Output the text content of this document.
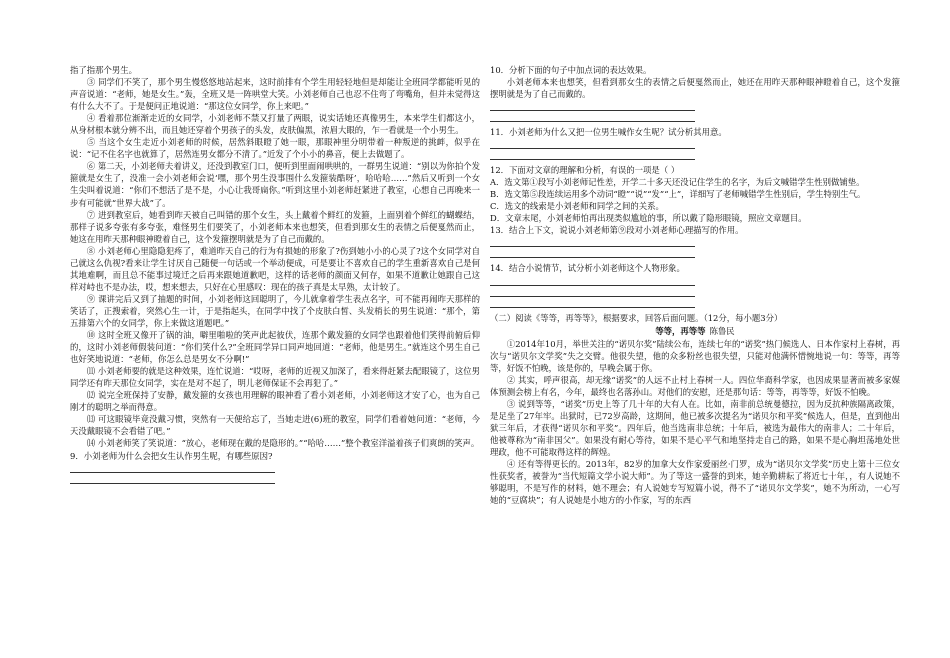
指了指那个男生。

③ 同学们不笑了，那个男生慢悠悠地站起来，这时前排有个学生用轻轻地但是却能让全班同学都能听见的声音说道：“老师，她是女生。”轰，全班又是一阵哄堂大笑。小刘老师自己也忍不住弯了弯嘴角，但并未觉得这有什么大不了。于是便问正地说道：“那这位女同学，你上来吧。”

④ 看着那位渐渐走近的女同学，小刘老师不禁又打量了两眼，说实话她还真像男生，本来学生们都这小，从身材根本就分辨不出，而且她还穿着个男孩子的头发，皮肤偏黑，浓眉大眼的，乍一看就是一个小男生。

⑤ 当这个女生走近小刘老师的时候，居然斜眼瞪了她一眼，那眼神里分明带着一种叛逆的挑衅，似乎在说：“记不住名字也就算了，居然连男女都分不清了。”近发了个小小的鼻音，便上去做题了。

⑥ 第二天，小刘老师夫着讲义，还没到教室门口，便听到里面闹哄哄的，一群男生说道：“别以为你拍个发箍就是女生了，没准一会小刘老师会说‘嘿，那个男生没事围什么发箍装酷呀’，哈哈哈……”然后又听到一个女生尖叫着说道：“你们不想活了是不是，小心让我哥扁你。”听到这里小刘老师赶紧进了教室，心想自己再晚来一步有可能就“世界大战”了。

⑦ 进到教室后，她看到昨天被自己叫错的那个女生，头上戴着个鲜红的发箍，上面别着个鲜红的蝴蝶结，那样子说多夸张有多夸张，难怪男生们要笑了，小刘老师本来也想笑，但看到那女生的表情之后便戛然而止，她这在用昨天那种眼神瞪着自己，这个发箍摆明就是为了自己而戴的。

⑧ 小刘老师心里隐隐犯疼了，难道昨天自己的行为有损她的形象了?伤到她小小的心灵了?这个女同学对自己就这么仇视?看来让学生讨厌自己随便一句话或一个举动便成，可是要让不喜欢自己的学生重新喜欢自己是何其地难啊，而且总不能事过境迁之后再来跟她道歉吧，这样的话老师的颜面又何存，如果不道歉让她跟自己这样对峙也不是办法，哎，想来想去，只好在心里感叹：现在的孩子真是太早熟，太计较了。

⑨ 课讲完后又到了抽题的时间，小刘老师这回聪明了，今儿就拿着学生表点名字，可不能再闹昨天那样的笑话了，正搜索着，突然心生一计，于是指起头，在同学中找了个皮肤白皙、头发梢长的男生说道：“那个，第五排第六个的女同学，你上来做这道题吧。”

⑩ 这时全班又像开了锅的油，噼里啪啦的笑声此起彼伏，连那个戴发箍的女同学也跟着他们笑得前俯后仰的，这时小刘老师假装问道：“你们笑什么?”全班同学异口同声地回道：“老师，他是男生。”就连这个男生自己也好笑地说道：“老师，你怎么总是男女不分啊!”

⑾ 小刘老师要的就是这种效果，连忙说道：“哎呀，老师的近视又加深了，看来得赶紧去配眼镜了，这位男同学还有昨天那位女同学，实在是对不起了，明儿老师保证不会再犯了。”

⑿ 说完全班保持了安静，戴发箍的女孩也用理解的眼神看了看小刘老师，小刘老师这才安了心，也为自己刚才的聪明之举而得意。

⒀ 可这眼镜毕竟没戴习惯，突然有一天便给忘了，当她走进(6)班的教室，同学们看着她问道：“老师，今天没戴眼镜不会看错了吧。”

⒁ 小刘老师笑了笑说道：“放心，老师现在戴的是隐形的。”“哈哈……”整个教室洋溢着孩子们爽朗的笑声。

9．小刘老师为什么会把女生认作男生呢，有哪些原因?

10．分析下面的句子中加点词的表达效果。

小刘老师本来也想笑，但看到那女生的表情之后便戛然而止，她还在用昨天那种眼神瞪着自己，这个发箍摆明就是为了自己而戴的。

11．小刘老师为什么又把一位男生喊作女生呢？试分析其用意。

12．下面对文章的理解和分析，有误的一项是（ ）

A．选文第①段写小刘老师记性差，开学二十多天还没记住学生的名字，为后文喊错学生性别做铺垫。

B．选文第⑤段连续运用多个动词“瞪”“说”“发”“上”，详细写了老师喊错学生性别后，学生特别生气。

C．选文的线索是小刘老师和同学之间的关系。

D．文章末尾，小刘老师怕再出现类似尴尬的事，所以戴了隐形眼镜，照应文章题目。

13．结合上下文，说说小刘老师第⑨段对小刘老师心理描写的作用。

14．结合小说情节，试分析小刘老师这个人物形象。

（二）阅读《等等，再等等》，根据要求，回答后面问题。（12分，每小题3分）

等等，再等等 陈鲁民

①2014年10月，举世关注的“诺贝尔奖”陆续公布，连续七年的“诺奖”热门候选人、日本作家村上春树，再次与“诺贝尔文学奖”失之交臂。他很失望，他的众多粉丝也很失望，只能对他满怀惜惋地说一句：等等，再等等，好饭不怕晚，该是你的，早晚会属于你。

② 其实，呼声很高，却无缘“诺奖”的人远不止村上春树一人。四位华裔科学家，也因成果显著而被多家媒体预测会榜上有名，今年，最终也名落孙山。对他们的安慰，还是那句话：等等，再等等，好饭不怕晚。

③ 说到等等，“诺奖”历史上等了几十年的大有人在。比如，南非前总统曼德拉，因为反抗种族隔离政策，是足坐了27年牢。出狱时，已72岁高龄，这期间，他已被多次提名为“诺贝尔和平奖”候选人，但是，直到他出狱三年后，才获得“诺贝尔和平奖”。四年后，他当选南非总统；十年后，被选为最伟大的南非人；二十年后，他被尊称为“南非国父”。如果没有耐心等待，如果不是心平气和地坚持走自己的路，如果不是心胸坦荡地处世理政，他不可能取得这样的辉煌。

④ 还有等得更长的。2013年，82岁的加拿大女作家爱丽丝·门罗，成为“诺贝尔文学奖”历史上第十三位女性获奖者，被誉为“当代短篇文学小说大师”。为了等这一盛誉的到来，她辛勤耕耘了将近七十年，，有人说她不够聪明，不是写作的材料，她不理会；有人说她专写短篇小说，得不了“诺贝尔文学奖”，她不为所动，一心写她的“豆腐块”；有人说她是小地方的小作家，写的东西
